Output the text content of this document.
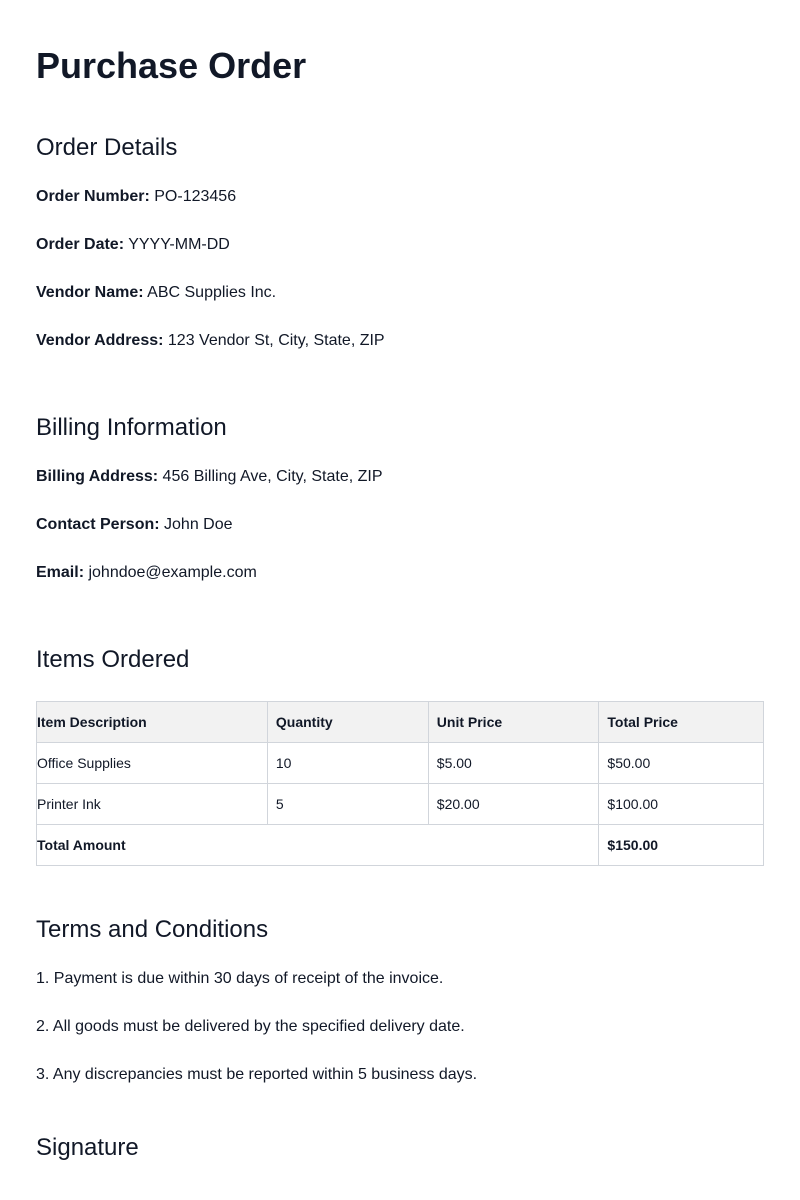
Purchase Order
Order Details

Order Number: PO-123456

Order Date: YYYY-MM-DD

Vendor Name: ABC Supplies Inc.

Vendor Address: 123 Vendor St, City, State, ZIP

Billing Information

Billing Address: 456 Billing Ave, City, State, ZIP

Contact Person: John Doe

Email: johndoe@example.com

Items Ordered
Item Description	Quantity	Unit Price	Total Price
Office Supplies	10	$5.00	$50.00
Printer Ink	5	$20.00	$100.00
Total Amount			$150.00
Terms and Conditions

1. Payment is due within 30 days of receipt of the invoice.

2. All goods must be delivered by the specified delivery date.

3. Any discrepancies must be reported within 5 business days.

Signature
